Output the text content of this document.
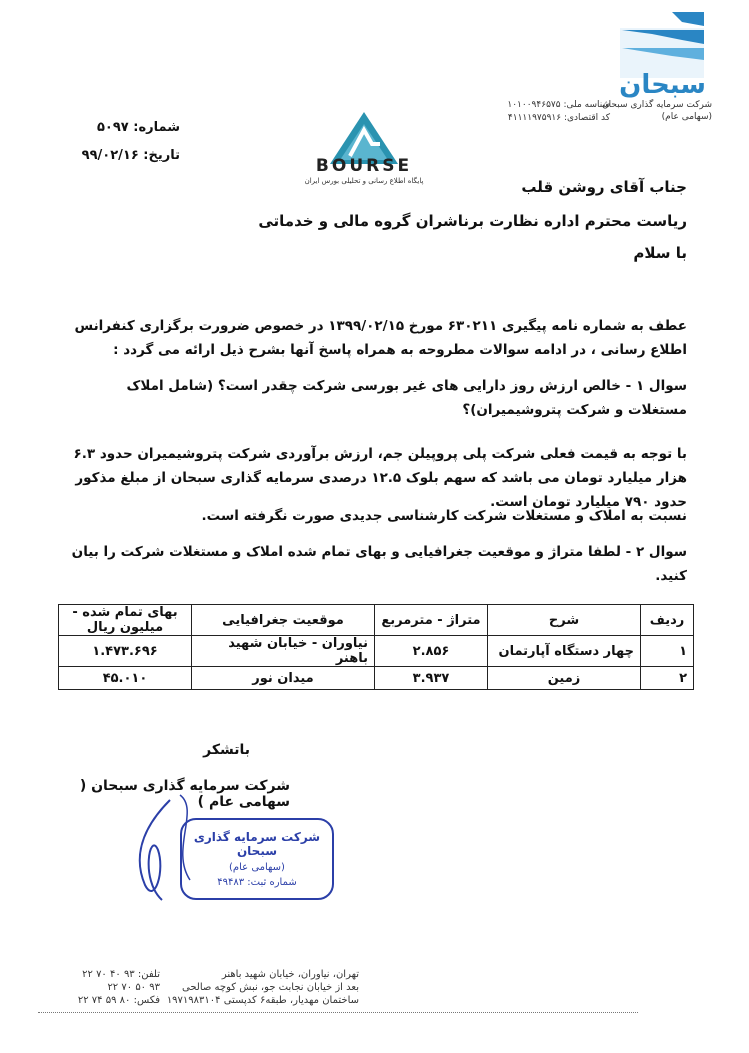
سبحان
شرکت سرمایه گذاری سبحان
(سهامی عام)
شناسه ملی: ۱۰۱۰۰۹۴۶۵۷۵
کد اقتصادی: ۴۱۱۱۱۹۷۵۹۱۶
BOURSE
پایگاه اطلاع رسانی و تحلیلی بورس ایران
شماره: ۵۰۹۷
تاریخ: ۹۹/۰۲/۱۶
جناب آقای روشن قلب
ریاست محترم اداره نظارت برناشران گروه مالی و خدماتی
با سلام
عطف به شماره نامه پیگیری ۶۳۰۲۱۱ مورخ ۱۳۹۹/۰۲/۱۵ در خصوص ضرورت برگزاری کنفرانس اطلاع رسانی ، در ادامه سوالات مطروحه به همراه پاسخ آنها بشرح ذیل ارائه می گردد :
سوال ۱ - خالص ارزش روز دارایی های غیر بورسی شرکت چقدر است؟ (شامل املاک مستغلات و شرکت پتروشیمیران)؟
با توجه به قیمت فعلی شرکت پلی پروپیلن جم، ارزش برآوردی شرکت پتروشیمیران حدود ۶.۳ هزار میلیارد تومان می باشد که سهم بلوک ۱۲.۵ درصدی سرمایه گذاری سبحان از مبلغ مذکور حدود ۷۹۰ میلیارد تومان است.
نسبت به املاک و مستغلات شرکت کارشناسی جدیدی صورت نگرفته است.
سوال ۲ - لطفا متراژ و موقعیت جغرافیایی و بهای تمام شده املاک و مستغلات شرکت را بیان کنید.
ردیف	شرح	متراژ - مترمربع	موقعیت جغرافیایی	بهای تمام شده - میلیون ریال
۱	چهار دستگاه آپارتمان	۲.۸۵۶	نیاوران - خیابان شهید باهنر	۱.۴۷۳.۶۹۶
۲	زمین	۳.۹۳۷	میدان نور	۴۵.۰۱۰
باتشکر
شرکت سرمایه گذاری سبحان ( سهامی عام )
شرکت سرمایه گذاری سبحان
(سهامی عام)
شماره ثبت: ۴۹۴۸۳
تهران، نیاوران، خیابان شهید باهنر
بعد از خیابان نجابت جو، نبش کوچه صالحی
ساختمان مهدیار، طبقه۶ کدپستی ۱۹۷۱۹۸۳۱۰۴
تلفن: ۹۳ ۴۰ ۷۰ ۲۲
۹۳ ۵۰ ۷۰ ۲۲
فکس: ۸۰ ۵۹ ۷۴ ۲۲
